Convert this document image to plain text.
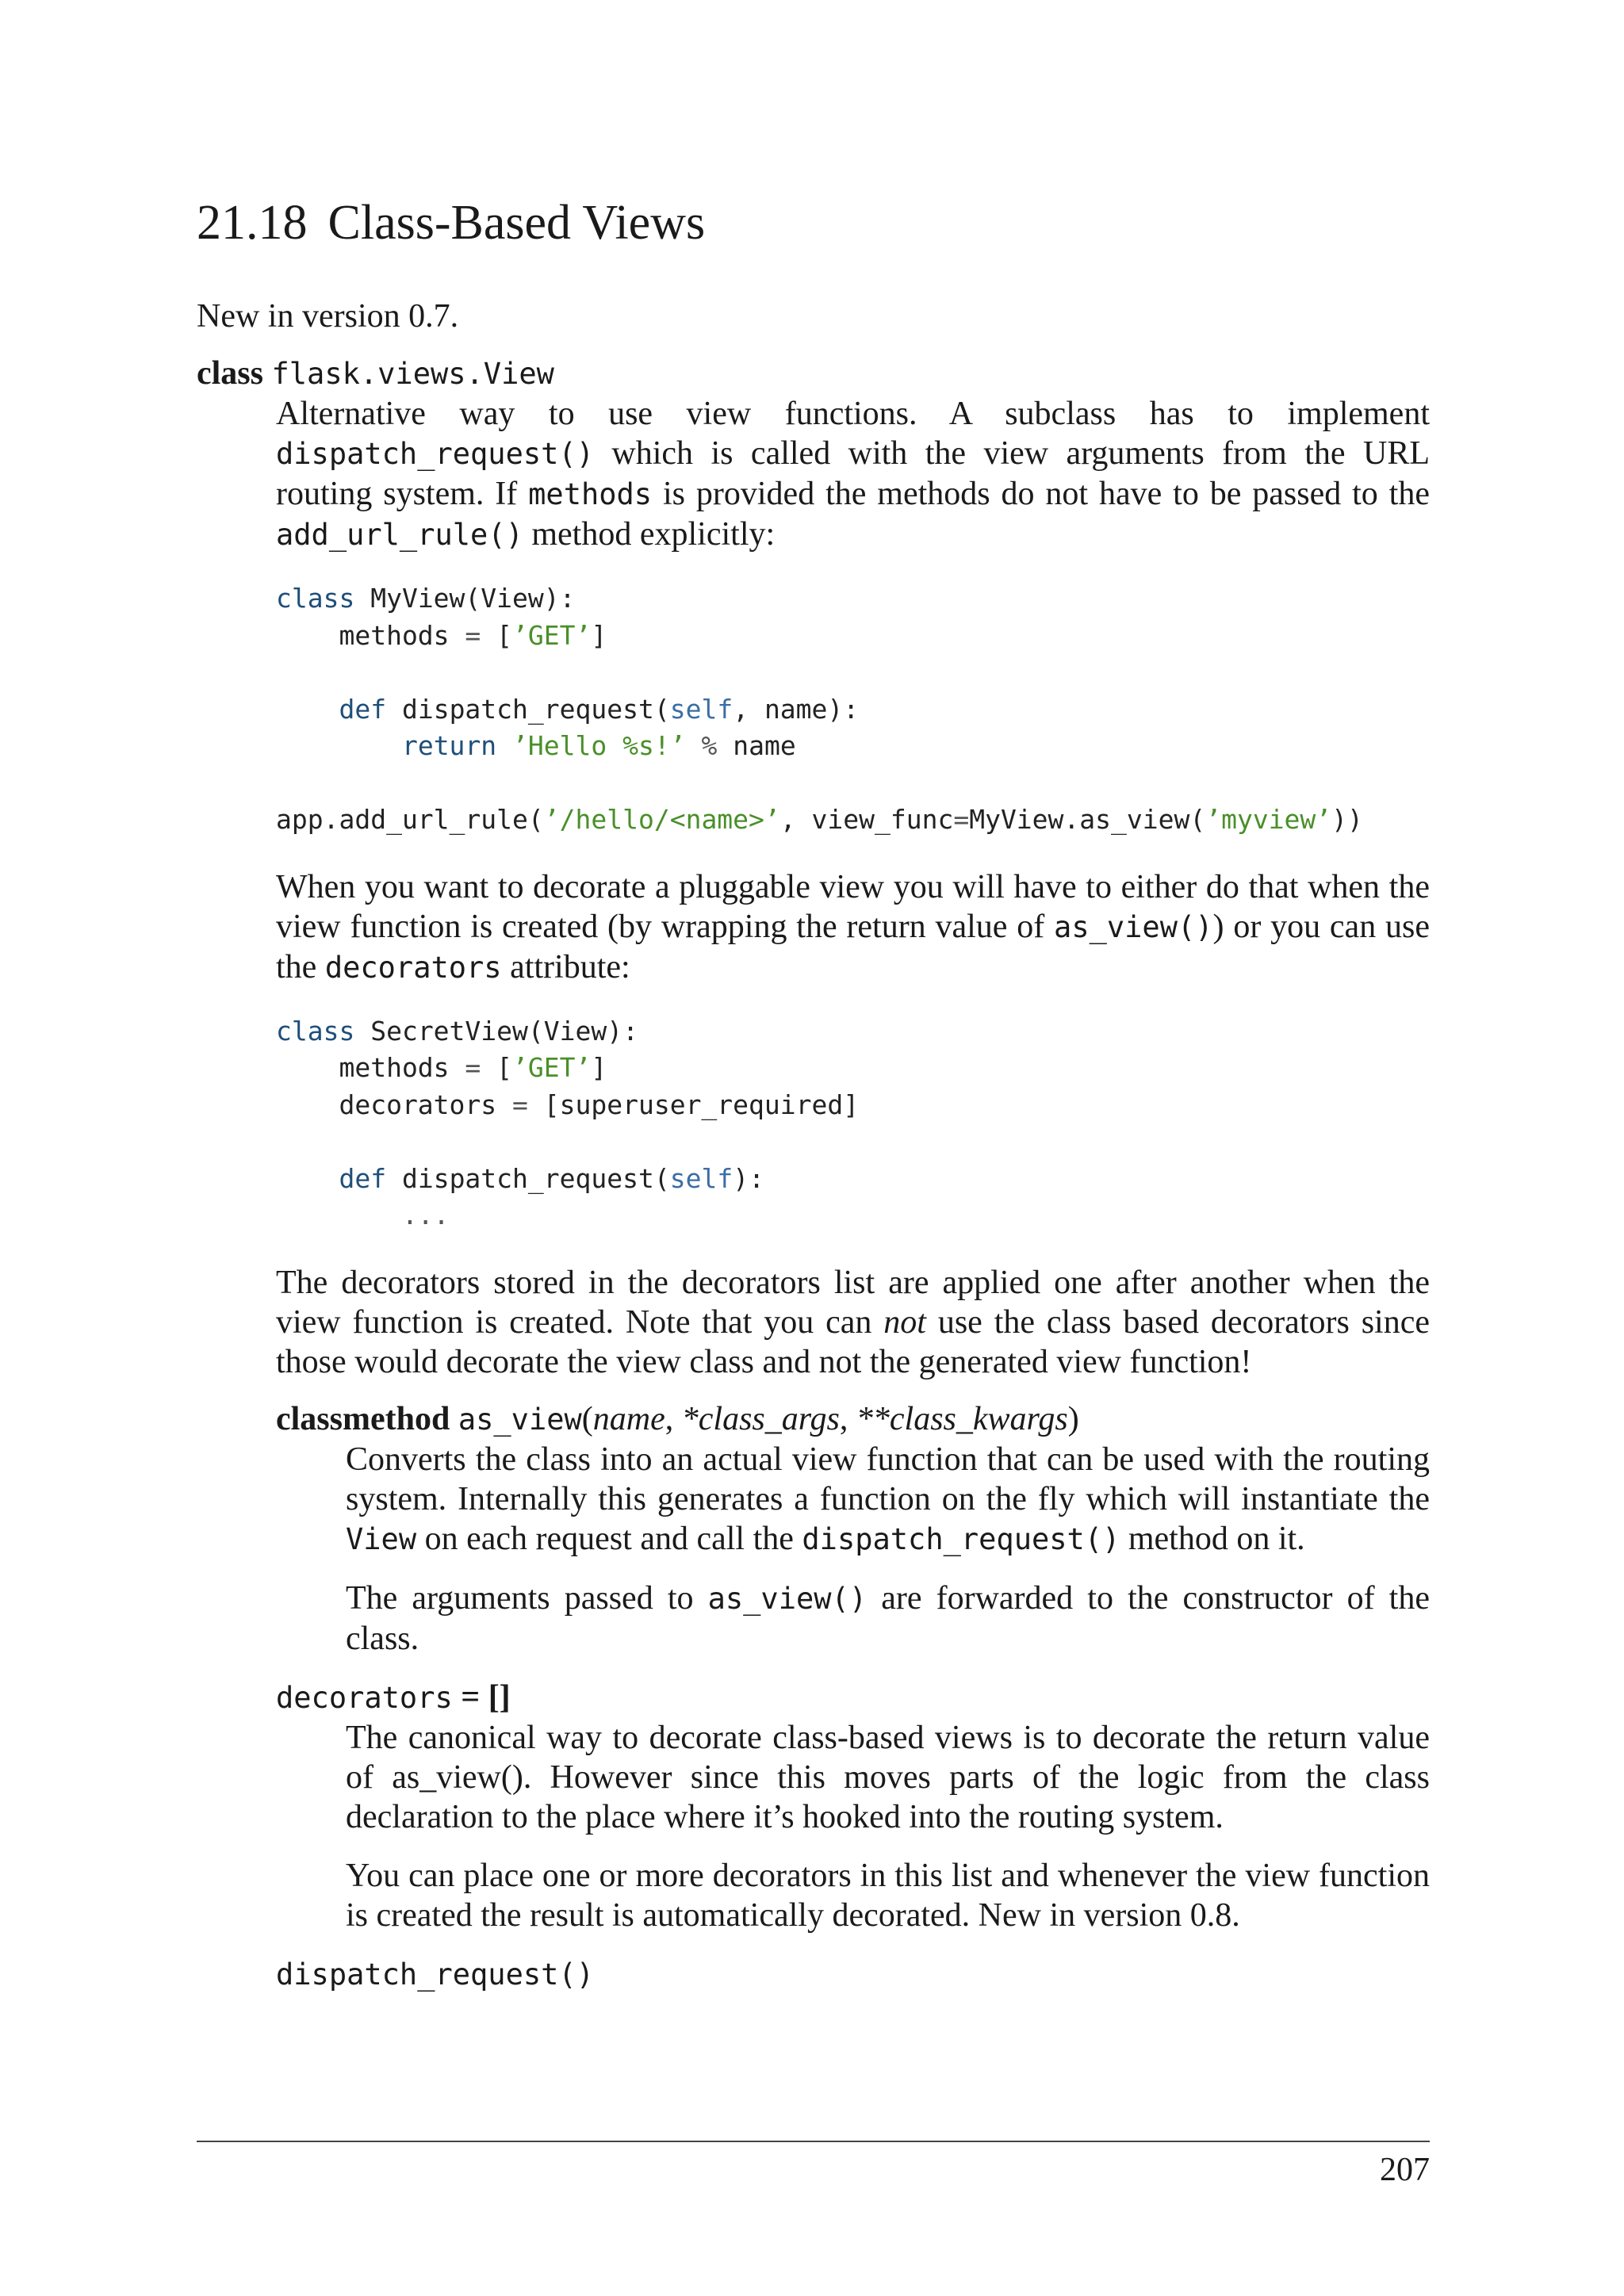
21.18 Class-Based Views
New in version 0.7.
class flask.views.View

Alternative way to use view functions. A subclass has to implement dispatch_request() which is called with the view arguments from the URL routing system. If methods is provided the methods do not have to be passed to the add_url_rule() method explicitly:

class MyView(View):
methods = [’GET’]

def dispatch_request(self, name):
return ’Hello %s!’ % name

app.add_url_rule(’/hello/<name>’, view_func=MyView.as_view(’myview’))

When you want to decorate a pluggable view you will have to either do that when the view function is created (by wrapping the return value of as_view()) or you can use the decorators attribute:

class SecretView(View):
methods = [’GET’]
decorators = [superuser_required]

def dispatch_request(self):
...

The decorators stored in the decorators list are applied one after another when the view function is created. Note that you can not use the class based decorators since those would decorate the view class and not the generated view function!

classmethod as_view(name, *class_args, **class_kwargs)

Converts the class into an actual view function that can be used with the routing system. Internally this generates a function on the fly which will instantiate the View on each request and call the dispatch_request() method on it.

The arguments passed to as_view() are forwarded to the constructor of the class.

decorators = []

The canonical way to decorate class-based views is to decorate the return value of as_view(). However since this moves parts of the logic from the class declaration to the place where it’s hooked into the routing system.

You can place one or more decorators in this list and whenever the view function is created the result is automatically decorated. New in version 0.8.

dispatch_request()
207
